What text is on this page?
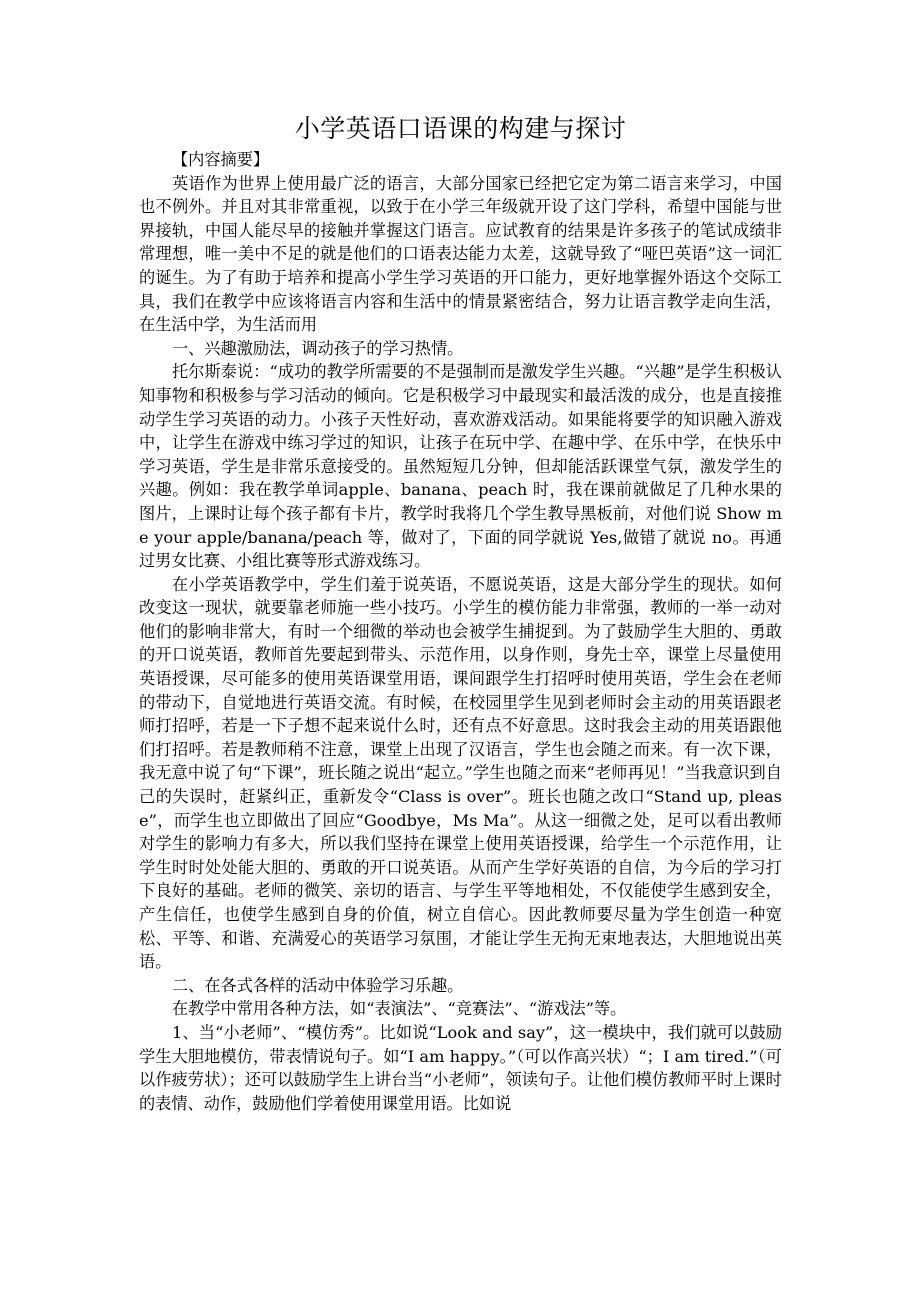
小学英语口语课的构建与探讨

【内容摘要】

英语作为世界上使用最广泛的语言，大部分国家已经把它定为第二语言来学习，中国也不例外。并且对其非常重视，以致于在小学三年级就开设了这门学科，希望中国能与世界接轨，中国人能尽早的接触并掌握这门语言。应试教育的结果是许多孩子的笔试成绩非常理想，唯一美中不足的就是他们的口语表达能力太差，这就导致了“哑巴英语”这一词汇的诞生。为了有助于培养和提高小学生学习英语的开口能力，更好地掌握外语这个交际工具，我们在教学中应该将语言内容和生活中的情景紧密结合，努力让语言教学走向生活，在生活中学，为生活而用

一、兴趣激励法，调动孩子的学习热情。

托尔斯泰说：“成功的教学所需要的不是强制而是激发学生兴趣。“兴趣”是学生积极认知事物和积极参与学习活动的倾向。它是积极学习中最现实和最活泼的成分，也是直接推动学生学习英语的动力。小孩子天性好动，喜欢游戏活动。如果能将要学的知识融入游戏中，让学生在游戏中练习学过的知识，让孩子在玩中学、在趣中学、在乐中学，在快乐中学习英语，学生是非常乐意接受的。虽然短短几分钟，但却能活跃课堂气氛，激发学生的兴趣。例如：我在教学单词apple、banana、peach 时，我在课前就做足了几种水果的图片，上课时让每个孩子都有卡片，教学时我将几个学生教导黑板前，对他们说 Show me your apple/banana/peach 等，做对了，下面的同学就说 Yes,做错了就说 no。再通过男女比赛、小组比赛等形式游戏练习。

在小学英语教学中，学生们羞于说英语，不愿说英语，这是大部分学生的现状。如何改变这一现状，就要靠老师施一些小技巧。小学生的模仿能力非常强，教师的一举一动对他们的影响非常大，有时一个细微的举动也会被学生捕捉到。为了鼓励学生大胆的、勇敢的开口说英语，教师首先要起到带头、示范作用，以身作则，身先士卒，课堂上尽量使用英语授课，尽可能多的使用英语课堂用语，课间跟学生打招呼时使用英语，学生会在老师的带动下，自觉地进行英语交流。有时候，在校园里学生见到老师时会主动的用英语跟老师打招呼，若是一下子想不起来说什么时，还有点不好意思。这时我会主动的用英语跟他们打招呼。若是教师稍不注意，课堂上出现了汉语言，学生也会随之而来。有一次下课，我无意中说了句“下课”，班长随之说出“起立。”学生也随之而来“老师再见！”当我意识到自己的失误时，赶紧纠正，重新发令“Class is over”。班长也随之改口“Stand up, please”，而学生也立即做出了回应“Goodbye，Ms Ma”。从这一细微之处，足可以看出教师对学生的影响力有多大，所以我们坚持在课堂上使用英语授课，给学生一个示范作用，让学生时时处处能大胆的、勇敢的开口说英语。从而产生学好英语的自信，为今后的学习打下良好的基础。老师的微笑、亲切的语言、与学生平等地相处，不仅能使学生感到安全，产生信任，也使学生感到自身的价值，树立自信心。因此教师要尽量为学生创造一种宽松、平等、和谐、充满爱心的英语学习氛围，才能让学生无拘无束地表达，大胆地说出英语。

二、在各式各样的活动中体验学习乐趣。

在教学中常用各种方法，如“表演法”、“竞赛法”、“游戏法”等。

1、当“小老师”、“模仿秀”。比如说“Look and say”，这一模块中，我们就可以鼓励学生大胆地模仿，带表情说句子。如“I am happy。”（可以作高兴状）“；I am tired.”（可以作疲劳状）；还可以鼓励学生上讲台当“小老师”，领读句子。让他们模仿教师平时上课时的表情、动作，鼓励他们学着使用课堂用语。比如说
